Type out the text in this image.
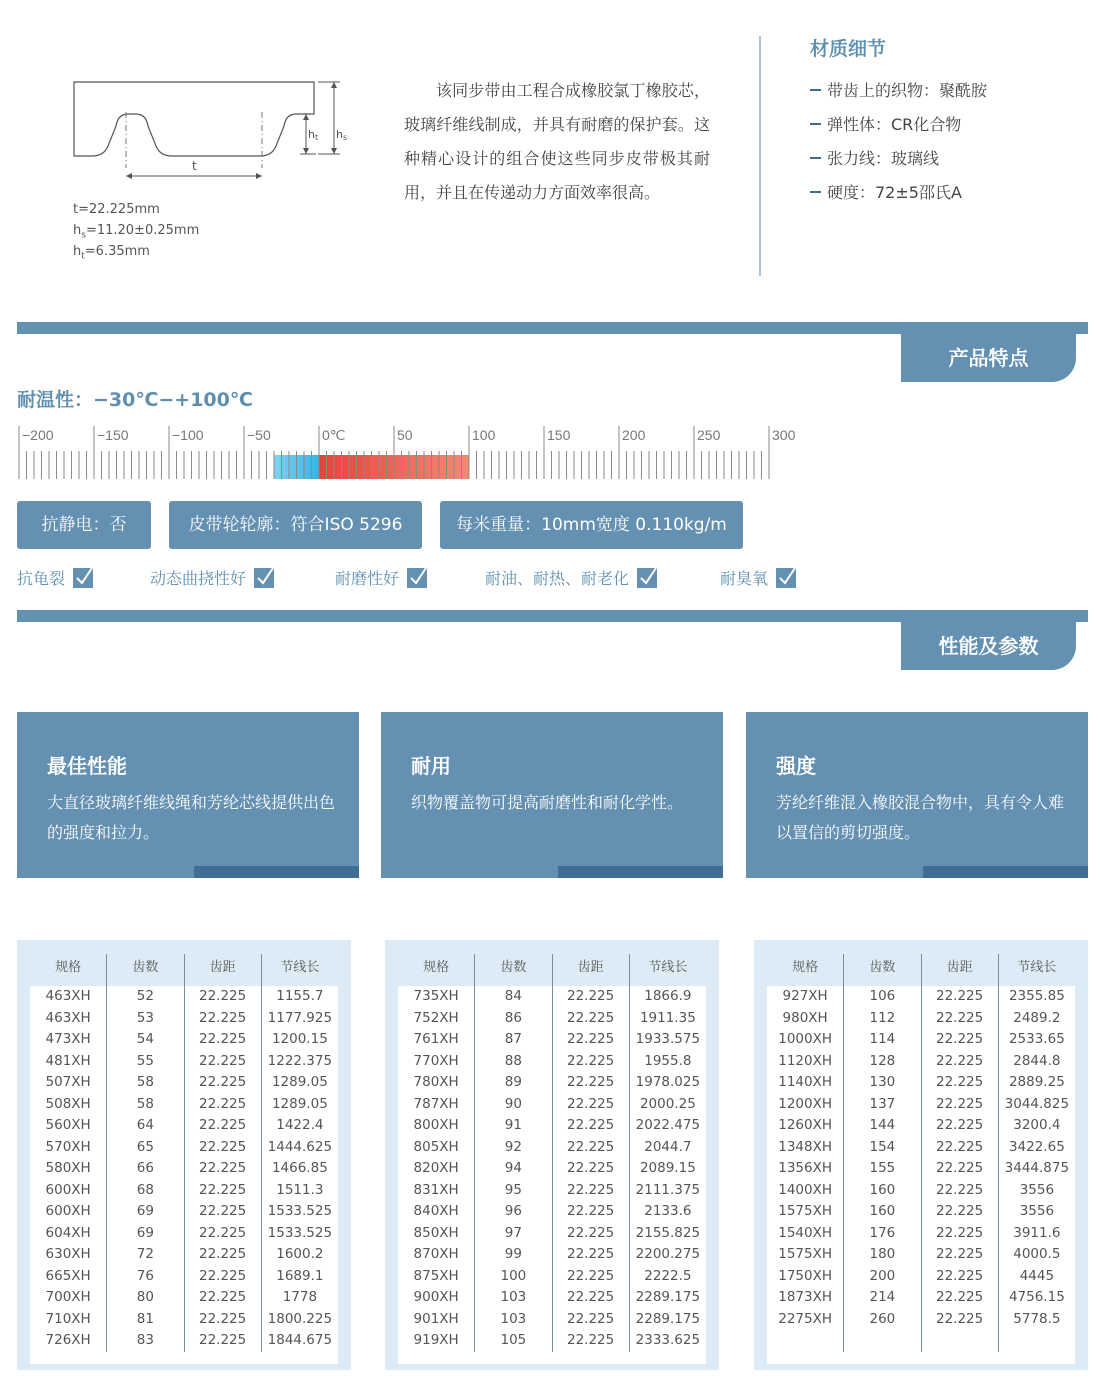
t
ht hs
t=22.225mm
$h_s=11.20\pm 0.25mm$
$h_t=6.35mm$

该同步带由工程合成橡胶氯丁橡胶芯，玻璃纤维线制成，并具有耐磨的保护套。这种精心设计的组合使这些同步皮带极其耐用，并且在传递动力方面效率很高。

材质细节
带齿上的织物：聚酰胺
弹性体：CR化合物
张力线：玻璃线
硬度：72±5邵氏A
产品特点
耐温性：−30℃−+100℃
−200	−150	−100	−50	0℃	50	100	150	200	250	300
抗静电：否	皮带轮轮廓：符合ISO 5296	每米重量：10mm宽度 0.110kg/m
抗龟裂	动态曲挠性好	耐磨性好	耐油、耐热、耐老化	耐臭氧
性能及参数
最佳性能
大直径玻璃纤维线绳和芳纶芯线提供出色的强度和拉力。
耐用
织物覆盖物可提高耐磨性和耐化学性。
强度
芳纶纤维混入橡胶混合物中，具有令人难以置信的剪切强度。
规格	齿数	齿距	节线长
463XH	52	22.225	1155.7
463XH	53	22.225	1177.925
473XH	54	22.225	1200.15
481XH	55	22.225	1222.375
507XH	58	22.225	1289.05
508XH	58	22.225	1289.05
560XH	64	22.225	1422.4
570XH	65	22.225	1444.625
580XH	66	22.225	1466.85
600XH	68	22.225	1511.3
600XH	69	22.225	1533.525
604XH	69	22.225	1533.525
630XH	72	22.225	1600.2
665XH	76	22.225	1689.1
700XH	80	22.225	1778
710XH	81	22.225	1800.225
726XH	83	22.225	1844.675
规格	齿数	齿距	节线长
735XH	84	22.225	1866.9
752XH	86	22.225	1911.35
761XH	87	22.225	1933.575
770XH	88	22.225	1955.8
780XH	89	22.225	1978.025
787XH	90	22.225	2000.25
800XH	91	22.225	2022.475
805XH	92	22.225	2044.7
820XH	94	22.225	2089.15
831XH	95	22.225	2111.375
840XH	96	22.225	2133.6
850XH	97	22.225	2155.825
870XH	99	22.225	2200.275
875XH	100	22.225	2222.5
900XH	103	22.225	2289.175
901XH	103	22.225	2289.175
919XH	105	22.225	2333.625
规格	齿数	齿距	节线长
927XH	106	22.225	2355.85
980XH	112	22.225	2489.2
1000XH	114	22.225	2533.65
1120XH	128	22.225	2844.8
1140XH	130	22.225	2889.25
1200XH	137	22.225	3044.825
1260XH	144	22.225	3200.4
1348XH	154	22.225	3422.65
1356XH	155	22.225	3444.875
1400XH	160	22.225	3556
1575XH	160	22.225	3556
1540XH	176	22.225	3911.6
1575XH	180	22.225	4000.5
1750XH	200	22.225	4445
1873XH	214	22.225	4756.15
2275XH	260	22.225	5778.5
